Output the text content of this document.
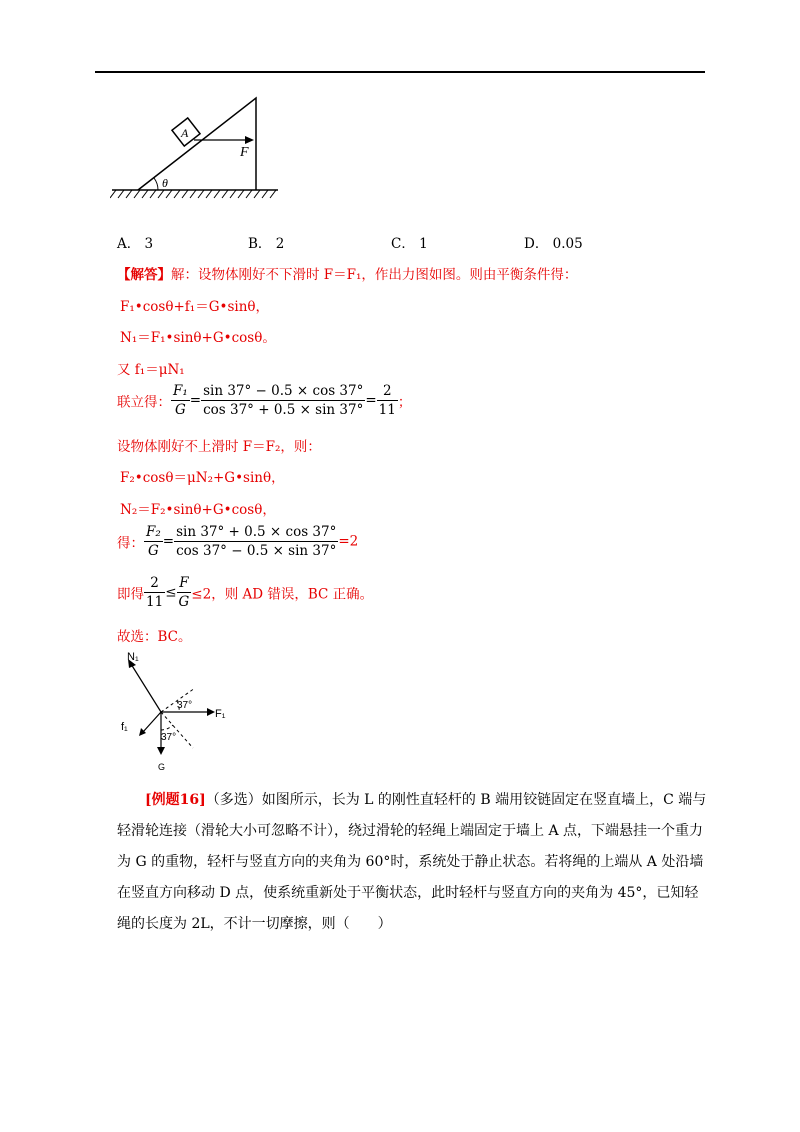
A
F
θ
A． 3	B． 2	C． 1	D． 0.05
【解答】解：设物体刚好不下滑时 F＝F₁，作出力图如图。则由平衡条件得：
F₁•cosθ+f₁＝G•sinθ，
N₁＝F₁•sinθ+G•cosθ。
又 f₁＝μN₁
联立得： $\frac{\text{F₁}}{G} = \frac{\sin 37^\circ - 0.5 \times \cos 37^\circ}{\cos 37^\circ + 0.5 \times \sin 37^\circ} = \frac{2}{11}$ ；
设物体刚好不上滑时 F＝F₂，则：
F₂•cosθ＝μN₂+G•sinθ，
N₂＝F₂•sinθ+G•cosθ，
得： $\frac{\text{F₂}}{G} = \frac{\sin 37^\circ + 0.5 \times \cos 37^\circ}{\cos 37^\circ - 0.5 \times \sin 37^\circ} =2$
即得 $\frac{2}{11} \le \frac{F}{G} \le 2$，则 AD 错误，BC 正确。
故选：BC。
N₁
F₁
f₁
G
37°
37°
[例题16]（多选）如图所示，长为 L 的刚性直轻杆的 B 端用铰链固定在竖直墙上，C 端与轻滑轮连接（滑轮大小可忽略不计），绕过滑轮的轻绳上端固定于墙上 A 点，下端悬挂一个重力为 G 的重物，轻杆与竖直方向的夹角为 60°时，系统处于静止状态。若将绳的上端从 A 处沿墙在竖直方向移动 D 点，使系统重新处于平衡状态，此时轻杆与竖直方向的夹角为 45°，已知轻绳的长度为 2L，不计一切摩擦，则（　　）
